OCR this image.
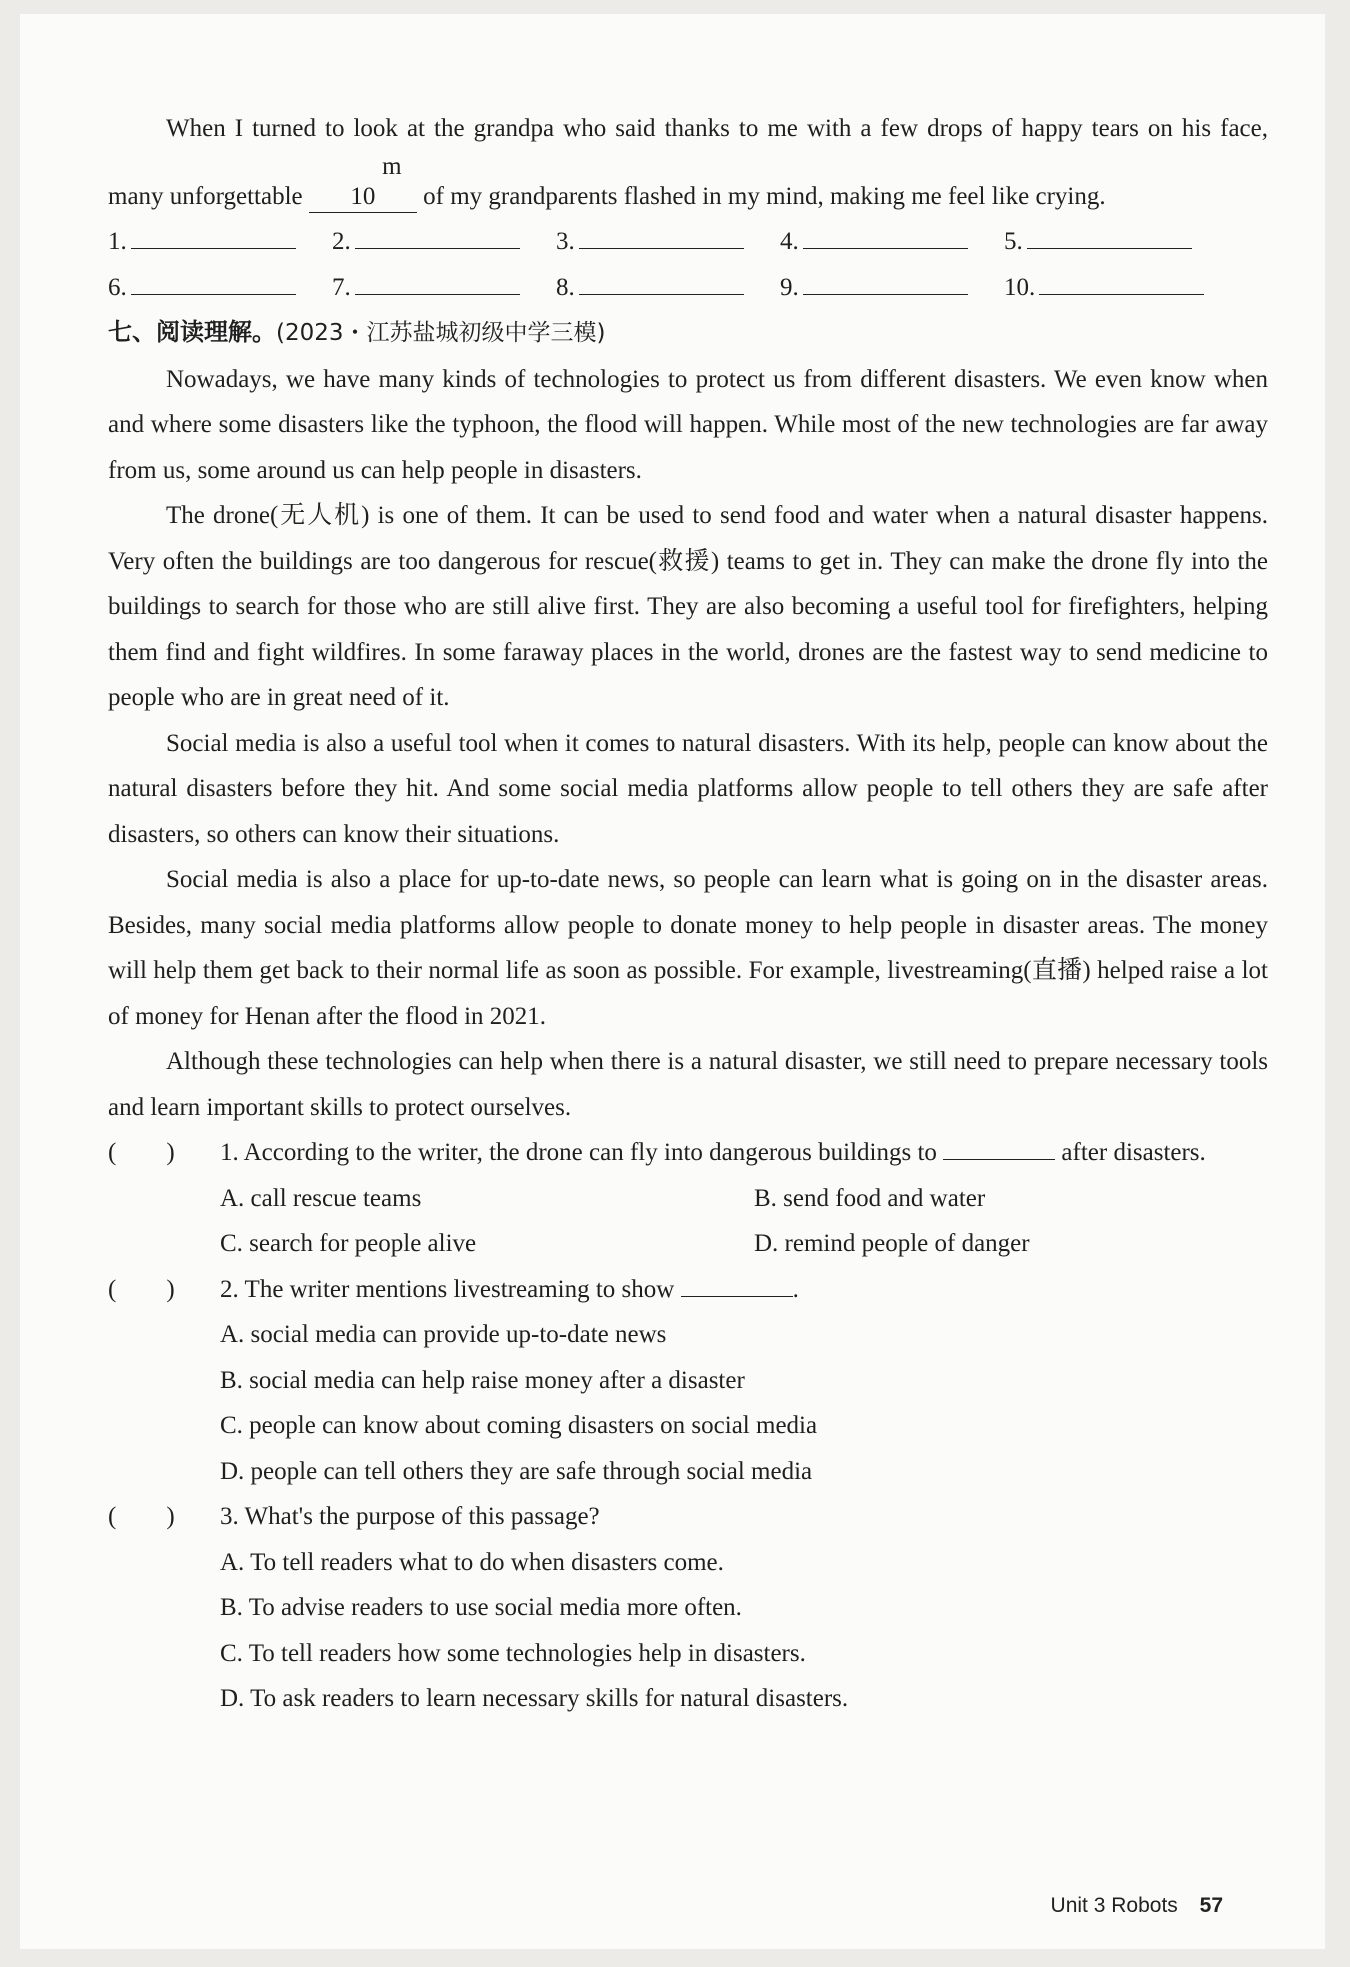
When I turned to look at the grandpa who said thanks to me with a few drops of happy tears on his face, many unforgettable m　10 of my grandparents flashed in my mind, making me feel like crying.

1.	2.	3.	4.	5.
6.	7.	8.	9.	10.
七、阅读理解。(2023・江苏盐城初级中学三模)

Nowadays, we have many kinds of technologies to protect us from different disasters. We even know when and where some disasters like the typhoon, the flood will happen. While most of the new technologies are far away from us, some around us can help people in disasters.

The drone(无人机) is one of them. It can be used to send food and water when a natural disaster happens. Very often the buildings are too dangerous for rescue(救援) teams to get in. They can make the drone fly into the buildings to search for those who are still alive first. They are also becoming a useful tool for firefighters, helping them find and fight wildfires. In some faraway places in the world, drones are the fastest way to send medicine to people who are in great need of it.

Social media is also a useful tool when it comes to natural disasters. With its help, people can know about the natural disasters before they hit. And some social media platforms allow people to tell others they are safe after disasters, so others can know their situations.

Social media is also a place for up-to-date news, so people can learn what is going on in the disaster areas. Besides, many social media platforms allow people to donate money to help people in disaster areas. The money will help them get back to their normal life as soon as possible. For example, livestreaming(直播) helped raise a lot of money for Henan after the flood in 2021.

Although these technologies can help when there is a natural disaster, we still need to prepare necessary tools and learn important skills to protect ourselves.

(　　)	1. According to the writer, the drone can fly into dangerous buildings to	after disasters.
A. call rescue teams	B. send food and water
C. search for people alive	D. remind people of danger
(　　)	2. The writer mentions livestreaming to show	.
A. social media can provide up-to-date news
B. social media can help raise money after a disaster
C. people can know about coming disasters on social media
D. people can tell others they are safe through social media
(　　)	3. What's the purpose of this passage?
A. To tell readers what to do when disasters come.
B. To advise readers to use social media more often.
C. To tell readers how some technologies help in disasters.
D. To ask readers to learn necessary skills for natural disasters.
Unit 3 Robots 57
